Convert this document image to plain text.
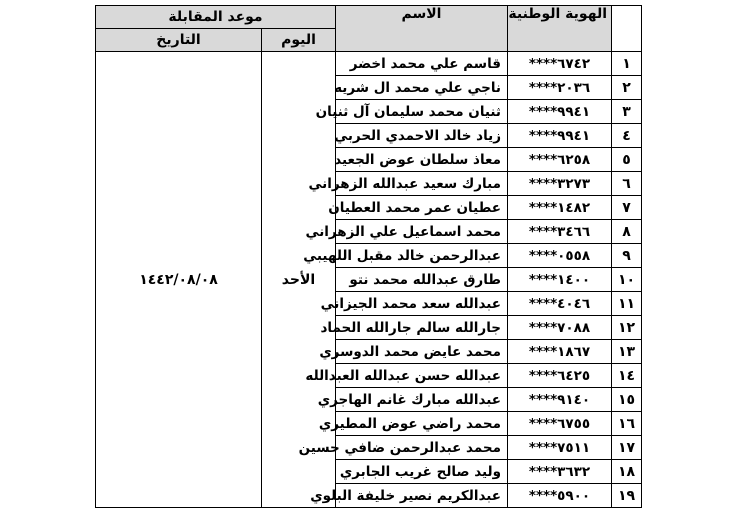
	الهوية الوطنية	الاسم	موعد المقابلة	
			اليوم	التاريخ
١	****٦٧٤٢	قاسم علي محمد اخضر	الأحد	١٤٤٢/٠٨/٠٨
٢	****٢٠٣٦	ناجي علي محمد ال شريه		
٣	****٩٩٤١	ثنيان محمد سليمان آل ثنيان		
٤	****٩٩٤١	زياد خالد الاحمدي الحربي		
٥	****٦٢٥٨	معاذ سلطان عوض الجعيد		
٦	****٣٢٧٣	مبارك سعيد عبدالله الزهراني		
٧	****١٤٨٢	عطيان عمر محمد العطيان		
٨	****٣٤٦٦	محمد اسماعيل علي الزهراني		
٩	****٠٥٥٨	عبدالرحمن خالد مقبل اللهيبي		
١٠	****١٤٠٠	طارق عبدالله محمد نتو		
١١	****٤٠٤٦	عبدالله سعد محمد الجيزاني		
١٢	****٧٠٨٨	جارالله سالم جارالله الحماد		
١٣	****١٨٦٧	محمد عايض محمد الدوسري		
١٤	****٦٤٢٥	عبدالله حسن عبدالله العبدالله		
١٥	****٩١٤٠	عبدالله مبارك غانم الهاجري		
١٦	****٦٧٥٥	محمد راضي عوض المطيري		
١٧	****٧٥١١	محمد عبدالرحمن ضافي حسين		
١٨	****٣٦٣٢	وليد صالح غريب الجابري		
١٩	****٥٩٠٠	عبدالكريم نصير خليفة البلوي		
